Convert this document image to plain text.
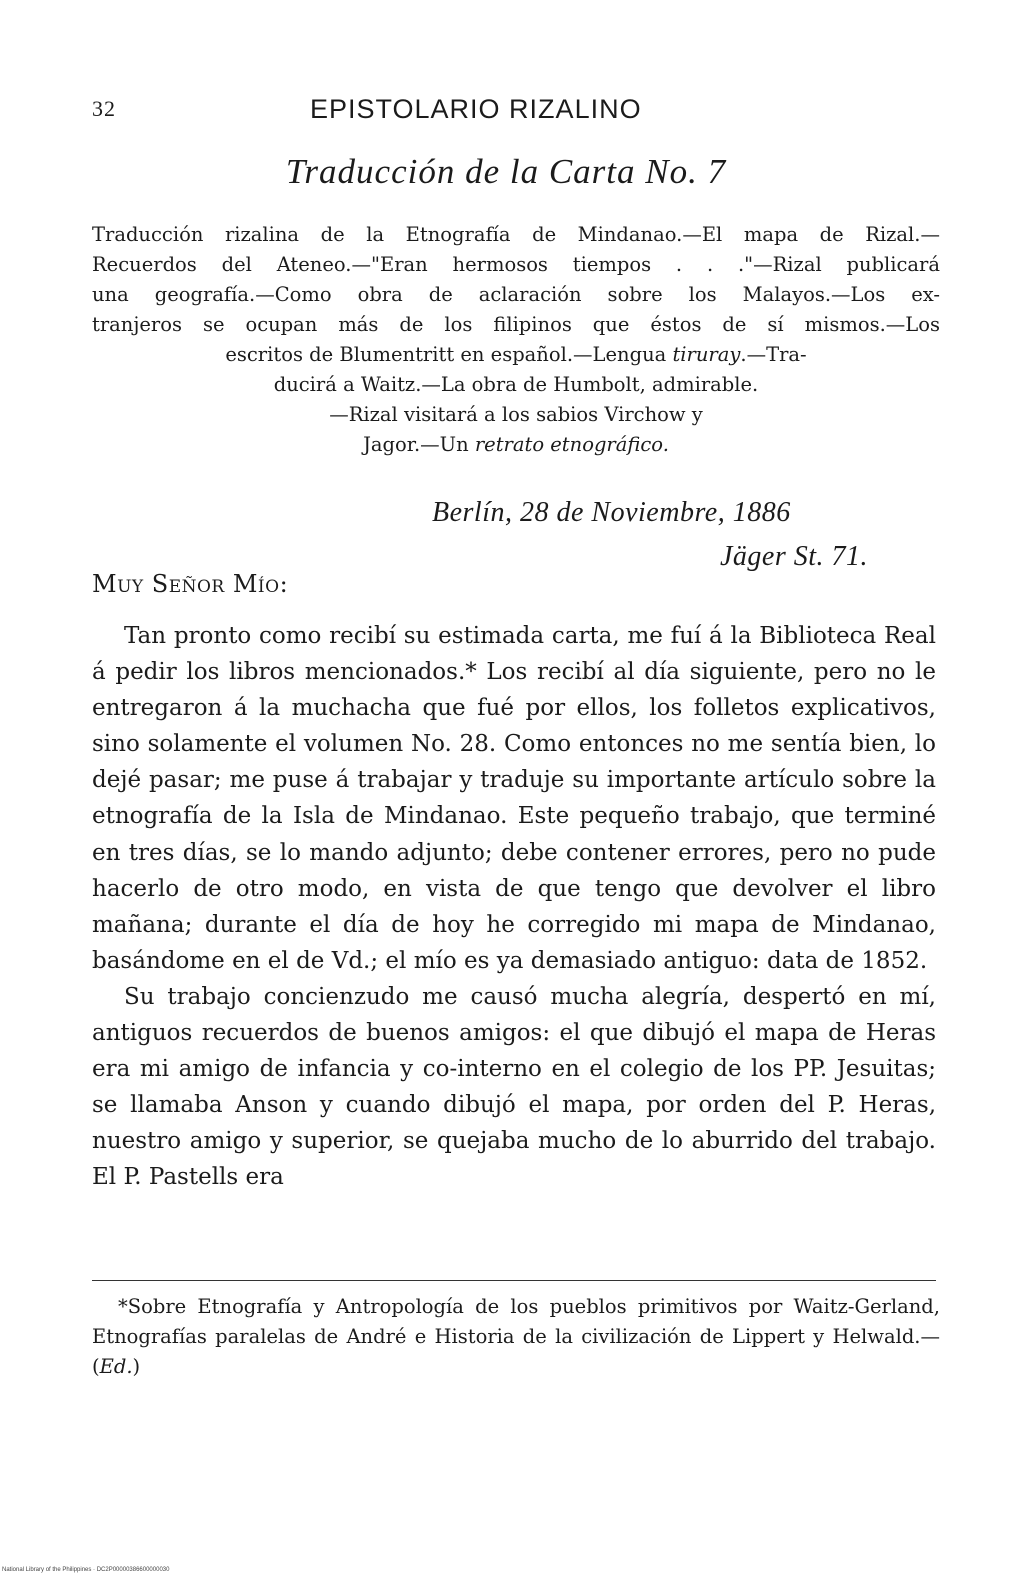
32	EPISTOLARIO RIZALINO
Traducción de la Carta No. 7
Traducción rizalina de la Etnografía de Mindanao.—El mapa de Rizal.—
Recuerdos del Ateneo.—"Eran hermosos tiempos . . ."—Rizal publicará
una geografía.—Como obra de aclaración sobre los Malayos.—Los ex-
tranjeros se ocupan más de los filipinos que éstos de sí mismos.—Los
escritos de Blumentritt en español.—Lengua tiruray.—Tra-
ducirá a Waitz.—La obra de Humbolt, admirable.
—Rizal visitará a los sabios Virchow y
Jagor.—Un retrato etnográfico.
Berlín, 28 de Noviembre, 1886
Jäger St. 71.
Muy Señor Mío:

Tan pronto como recibí su estimada carta, me fuí á la Biblioteca Real á pedir los libros mencionados.* Los recibí al día siguiente, pero no le entregaron á la muchacha que fué por ellos, los folletos explicativos, sino solamente el volumen No. 28. Como entonces no me sentía bien, lo dejé pasar; me puse á trabajar y traduje su importante artículo sobre la etnografía de la Isla de Mindanao. Este pequeño trabajo, que terminé en tres días, se lo mando adjunto; debe contener errores, pero no pude hacerlo de otro modo, en vista de que tengo que devolver el libro mañana; durante el día de hoy he corregido mi mapa de Mindanao, basándome en el de Vd.; el mío es ya demasiado antiguo: data de 1852.

Su trabajo concienzudo me causó mucha alegría, despertó en mí, antiguos recuerdos de buenos amigos: el que dibujó el mapa de Heras era mi amigo de infancia y co-interno en el colegio de los PP. Jesuitas; se llamaba Anson y cuando dibujó el mapa, por orden del P. Heras, nuestro amigo y superior, se quejaba mucho de lo aburrido del trabajo. El P. Pastells era

*Sobre Etnografía y Antropología de los pueblos primitivos por Waitz-Gerland, Etnografías paralelas de André e Historia de la civilización de Lippert y Helwald.—(Ed.)
National Library of the Philippines · DC2P00000386600000030
